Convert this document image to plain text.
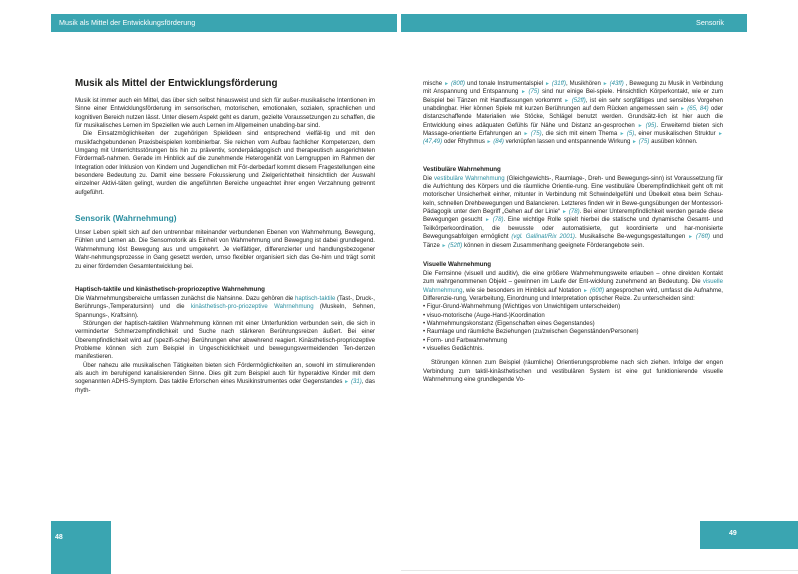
Musik als Mittel der Entwicklungsförderung	Sensorik
Musik als Mittel der Entwicklungsförderung

Musik ist immer auch ein Mittel, das über sich selbst hinausweist und sich für außer-musikalische Intentionen im Sinne einer Entwicklungsförderung im sensorischen, motorischen, emotionalen, sozialen, sprachlichen und kognitiven Bereich nutzen lässt. Unter diesem Aspekt geht es darum, gezielte Voraussetzungen zu schaffen, die für musikalisches Lernen im Speziellen wie auch Lernen im Allgemeinen unabding-bar sind.

Die Einsatzmöglichkeiten der zugehörigen Spielideen sind entsprechend vielfäl-tig und mit den musikfachgebundenen Praxisbeispielen kombinierbar. Sie reichen vom Aufbau fachlicher Kompetenzen, dem Umgang mit Unterrichtsstörungen bis hin zu präventiv, sonderpädagogisch und therapeutisch ausgerichteten Fördermaß-nahmen. Gerade im Hinblick auf die zunehmende Heterogenität von Lerngruppen im Rahmen der Integration oder Inklusion von Kindern und Jugendlichen mit För-derbedarf kommt diesem Fragestellungen eine besondere Bedeutung zu. Damit eine bessere Fokussierung und Zielgerichtetheit hinsichtlich der Auswahl einzelner Aktivi-täten gelingt, wurden die angeführten Bereiche ungeachtet ihrer engen Verzahnung getrennt aufgeführt.

Sensorik (Wahrnehmung)

Unser Leben spielt sich auf den untrennbar miteinander verbundenen Ebenen von Wahrnehmung, Bewegung, Fühlen und Lernen ab. Die Sensomotorik als Einheit von Wahrnehmung und Bewegung ist dabei grundlegend. Wahrnehmung löst Bewegung aus und umgekehrt. Je vielfältiger, differenzierter und handlungsbezogener Wahr-nehmungsprozesse in Gang gesetzt werden, umso flexibler organisiert sich das Ge-hirn und trägt somit zu einer fördernden Gesamtentwicklung bei.

Haptisch-taktile und kinästhetisch-propriozeptive Wahrnehmung

Die Wahrnehmungsbereiche umfassen zunächst die Nahsinne. Dazu gehören die haptisch-taktile (Tast-, Druck-, Berührungs-,Temperatursinn) und die kinästhetisch-pro-priozeptive Wahrnehmung (Muskeln, Sehnen, Spannungs-, Kraftsinn).

Störungen der haptisch-taktilen Wahrnehmung können mit einer Unterfunktion verbunden sein, die sich in verminderter Schmerzempfindlichkeit und Suche nach stärkeren Berührungsreizen äußert. Bei einer Überempfindlichkeit wird auf (spezifi-sche) Berührungen eher abwehrend reagiert. Kinästhetisch-propriozeptive Probleme können sich zum Beispiel in Ungeschicklichkeit und bewegungsvermeidenden Ten-denzen manifestieren.

Über nahezu alle musikalischen Tätigkeiten bieten sich Fördermöglichkeiten an, sowohl im stimulierenden als auch im beruhigend kanalisierenden Sinne. Dies gilt zum Beispiel auch für hyperaktive Kinder mit dem sogenannten ADHS-Symptom. Das taktile Erforschen eines Musikinstrumentes oder Gegenstandes ► (31), das rhyth-

mische ► (80ff) und tonale Instrumentalspiel ► (31ff), Musikhören ► (43ff) , Bewegung zu Musik in Verbindung mit Anspannung und Entspannung ► (75) sind nur einige Bei-spiele. Hinsichtlich Körperkontakt, wie er zum Beispiel bei Tänzen mit Handfassungen vorkommt ► (52ff), ist ein sehr sorgfältiges und sensibles Vorgehen unabdingbar. Hier können Spiele mit kurzen Berührungen auf dem Rücken angemessen sein ► (65, 84) oder distanzschaffende Materialien wie Stöcke, Schlägel benutzt werden. Grundsätz-lich ist hier auch die Entwicklung eines adäquaten Gefühls für Nähe und Distanz an-gesprochen ► (95). Erweiternd bieten sich Massage-orientierte Erfahrungen an ► (75), die sich mit einem Thema ► (5), einer musikalischen Struktur ► (47,49) oder Rhythmus ► (84) verknüpfen lassen und entspannende Wirkung ► (75) ausüben können.

Vestibuläre Wahrnehmung

Die vestibuläre Wahrnehmung (Gleichgewichts-, Raumlage-, Dreh- und Bewegungs-sinn) ist Voraussetzung für die Aufrichtung des Körpers und die räumliche Orientie-rung. Eine vestibuläre Überempfindlichkeit geht oft mit motorischer Unsicherheit einher, mitunter in Verbindung mit Schwindelgefühl und Übelkeit etwa beim Schau-keln, schnellen Drehbewegungen und Balancieren. Letzteres finden wir in Bewe-gungsübungen der Montessori-Pädagogik unter dem Begriff „Gehen auf der Linie“ ► (78). Bei einer Unterempfindlichkeit werden gerade diese Bewegungen gesucht ► (78). Eine wichtige Rolle spielt hierbei die statische und dynamische Gesamt- und Teilkörperkoordination, die bewusste oder automatisierte, gut koordinierte und har-monisierte Bewegungsabfolgen ermöglicht (vgl. Gallinat/Rix 2001). Musikalische Be-wegungsgestaltungen ► (76ff) und Tänze ► (52ff) können in diesem Zusammenhang geeignete Förderangebote sein.

Visuelle Wahrnehmung

Die Fernsinne (visuell und auditiv), die eine größere Wahrnehmungsweite erlauben – ohne direkten Kontakt zum wahrgenommenen Objekt – gewinnen im Laufe der Ent-wicklung zunehmend an Bedeutung. Die visuelle Wahrnehmung, wie sie besonders im Hinblick auf Notation ► (60ff) angesprochen wird, umfasst die Aufnahme, Differenzie-rung, Verarbeitung, Einordnung und Interpretation optischer Reize. Zu unterscheiden sind:

• Figur-Grund-Wahrnehmung (Wichtiges von Unwichtigem unterscheiden)
• visuo-motorische (Auge-Hand-)Koordination
• Wahrnehmungskonstanz (Eigenschaften eines Gegenstandes)
• Raumlage und räumliche Beziehungen (zu/zwischen Gegenständen/Personen)
• Form- und Farbwahrnehmung
• visuelles Gedächtnis.

Störungen können zum Beispiel (räumliche) Orientierungsprobleme nach sich ziehen. Infolge der engen Verbindung zum taktil-kinästhetischen und vestibulären System ist eine gut funktionierende visuelle Wahrnehmung eine grundlegende Vo-

48
49
